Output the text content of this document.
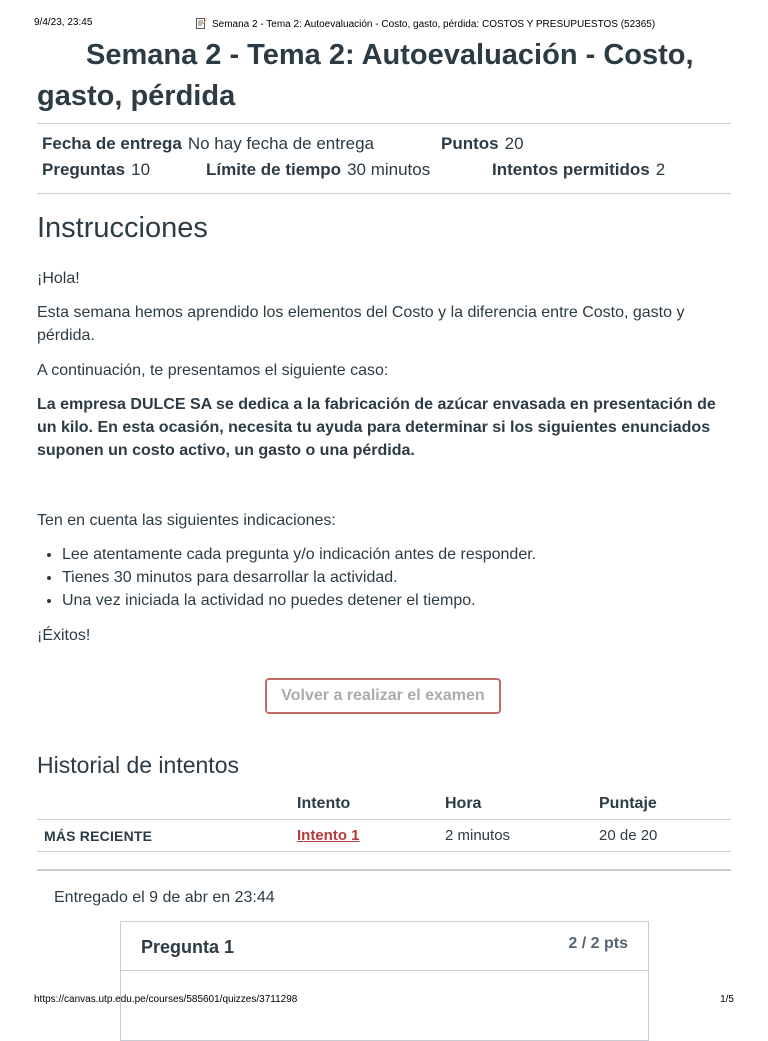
9/4/23, 23:45	Semana 2 - Tema 2: Autoevaluación - Costo, gasto, pérdida: COSTOS Y PRESUPUESTOS (52365)
Semana 2 - Tema 2: Autoevaluación - Costo, gasto, pérdida
Fecha de entrega No hay fecha de entrega	Puntos 20
Preguntas 10	Límite de tiempo 30 minutos	Intentos permitidos 2
Instrucciones

¡Hola!

Esta semana hemos aprendido los elementos del Costo y la diferencia entre Costo, gasto y pérdida.

A continuación, te presentamos el siguiente caso:

La empresa DULCE SA se dedica a la fabricación de azúcar envasada en presentación de un kilo. En esta ocasión, necesita tu ayuda para determinar si los siguientes enunciados suponen un costo activo, un gasto o una pérdida.

Ten en cuenta las siguientes indicaciones:

• Lee atentamente cada pregunta y/o indicación antes de responder.
• Tienes 30 minutos para desarrollar la actividad.
• Una vez iniciada la actividad no puedes detener el tiempo.

¡Éxitos!

Volver a realizar el examen
Historial de intentos
	Intento	Hora	Puntaje
MÁS RECIENTE	Intento 1	2 minutos	20 de 20
Entregado el 9 de abr en 23:44
Pregunta 1	2 / 2 pts
https://canvas.utp.edu.pe/courses/585601/quizzes/3711298	1/5
